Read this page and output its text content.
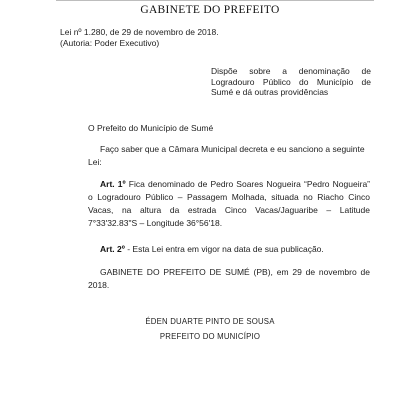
GABINETE DO PREFEITO
Lei nº 1.280, de 29 de novembro de 2018.
(Autoria: Poder Executivo)
Dispõe sobre a denominação de Logradouro Público do Município de Sumé e dá outras providências
O Prefeito do Município de Sumé
Faço saber que a Câmara Municipal decreta e eu sanciono a seguinte Lei:
Art. 1º Fica denominado de Pedro Soares Nogueira “Pedro Nogueira” o Logradouro Público – Passagem Molhada, situada no Riacho Cinco Vacas, na altura da estrada Cinco Vacas/Jaguaribe – Latitude 7°33'32.83"S – Longitude 36°56'18.
Art. 2º - Esta Lei entra em vigor na data de sua publicação.
GABINETE DO PREFEITO DE SUMÉ (PB), em 29 de novembro de 2018.
ÉDEN DUARTE PINTO DE SOUSA
PREFEITO DO MUNICÍPIO
